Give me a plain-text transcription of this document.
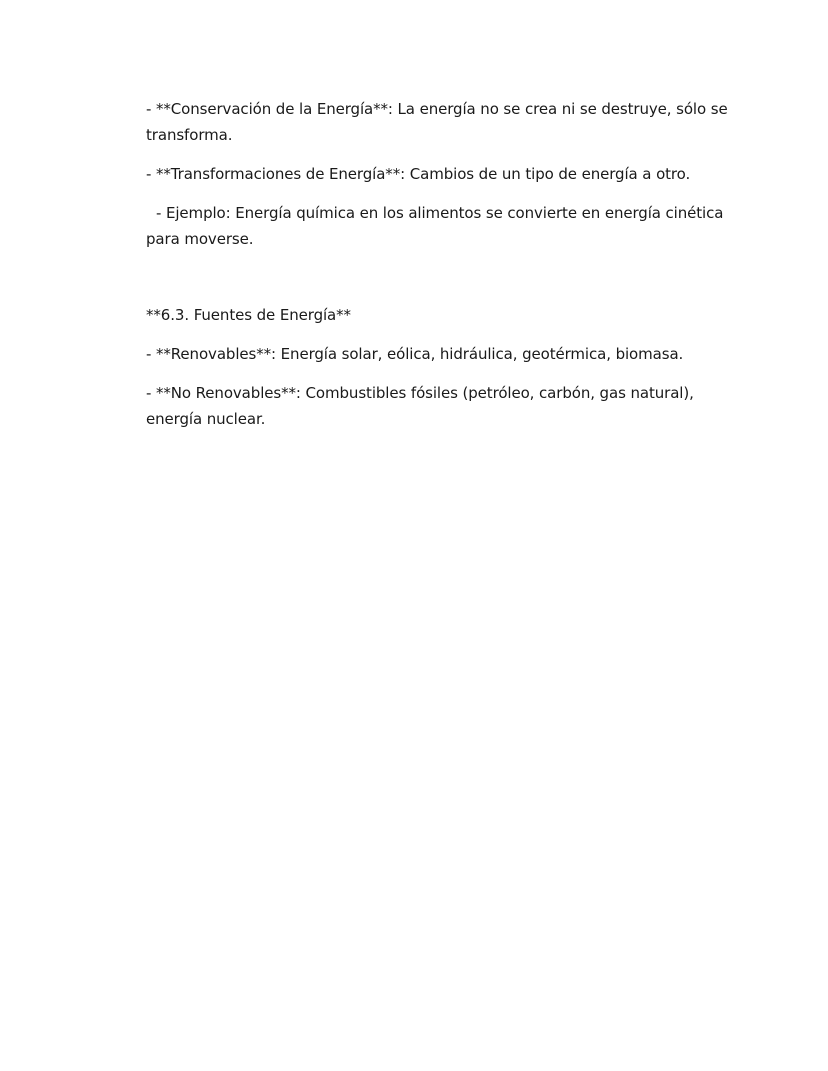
- **Conservación de la Energía**: La energía no se crea ni se destruye, sólo se transforma.

- **Transformaciones de Energía**: Cambios de un tipo de energía a otro.

- Ejemplo: Energía química en los alimentos se convierte en energía cinética para moverse.

**6.3. Fuentes de Energía**

- **Renovables**: Energía solar, eólica, hidráulica, geotérmica, biomasa.

- **No Renovables**: Combustibles fósiles (petróleo, carbón, gas natural), energía nuclear.
